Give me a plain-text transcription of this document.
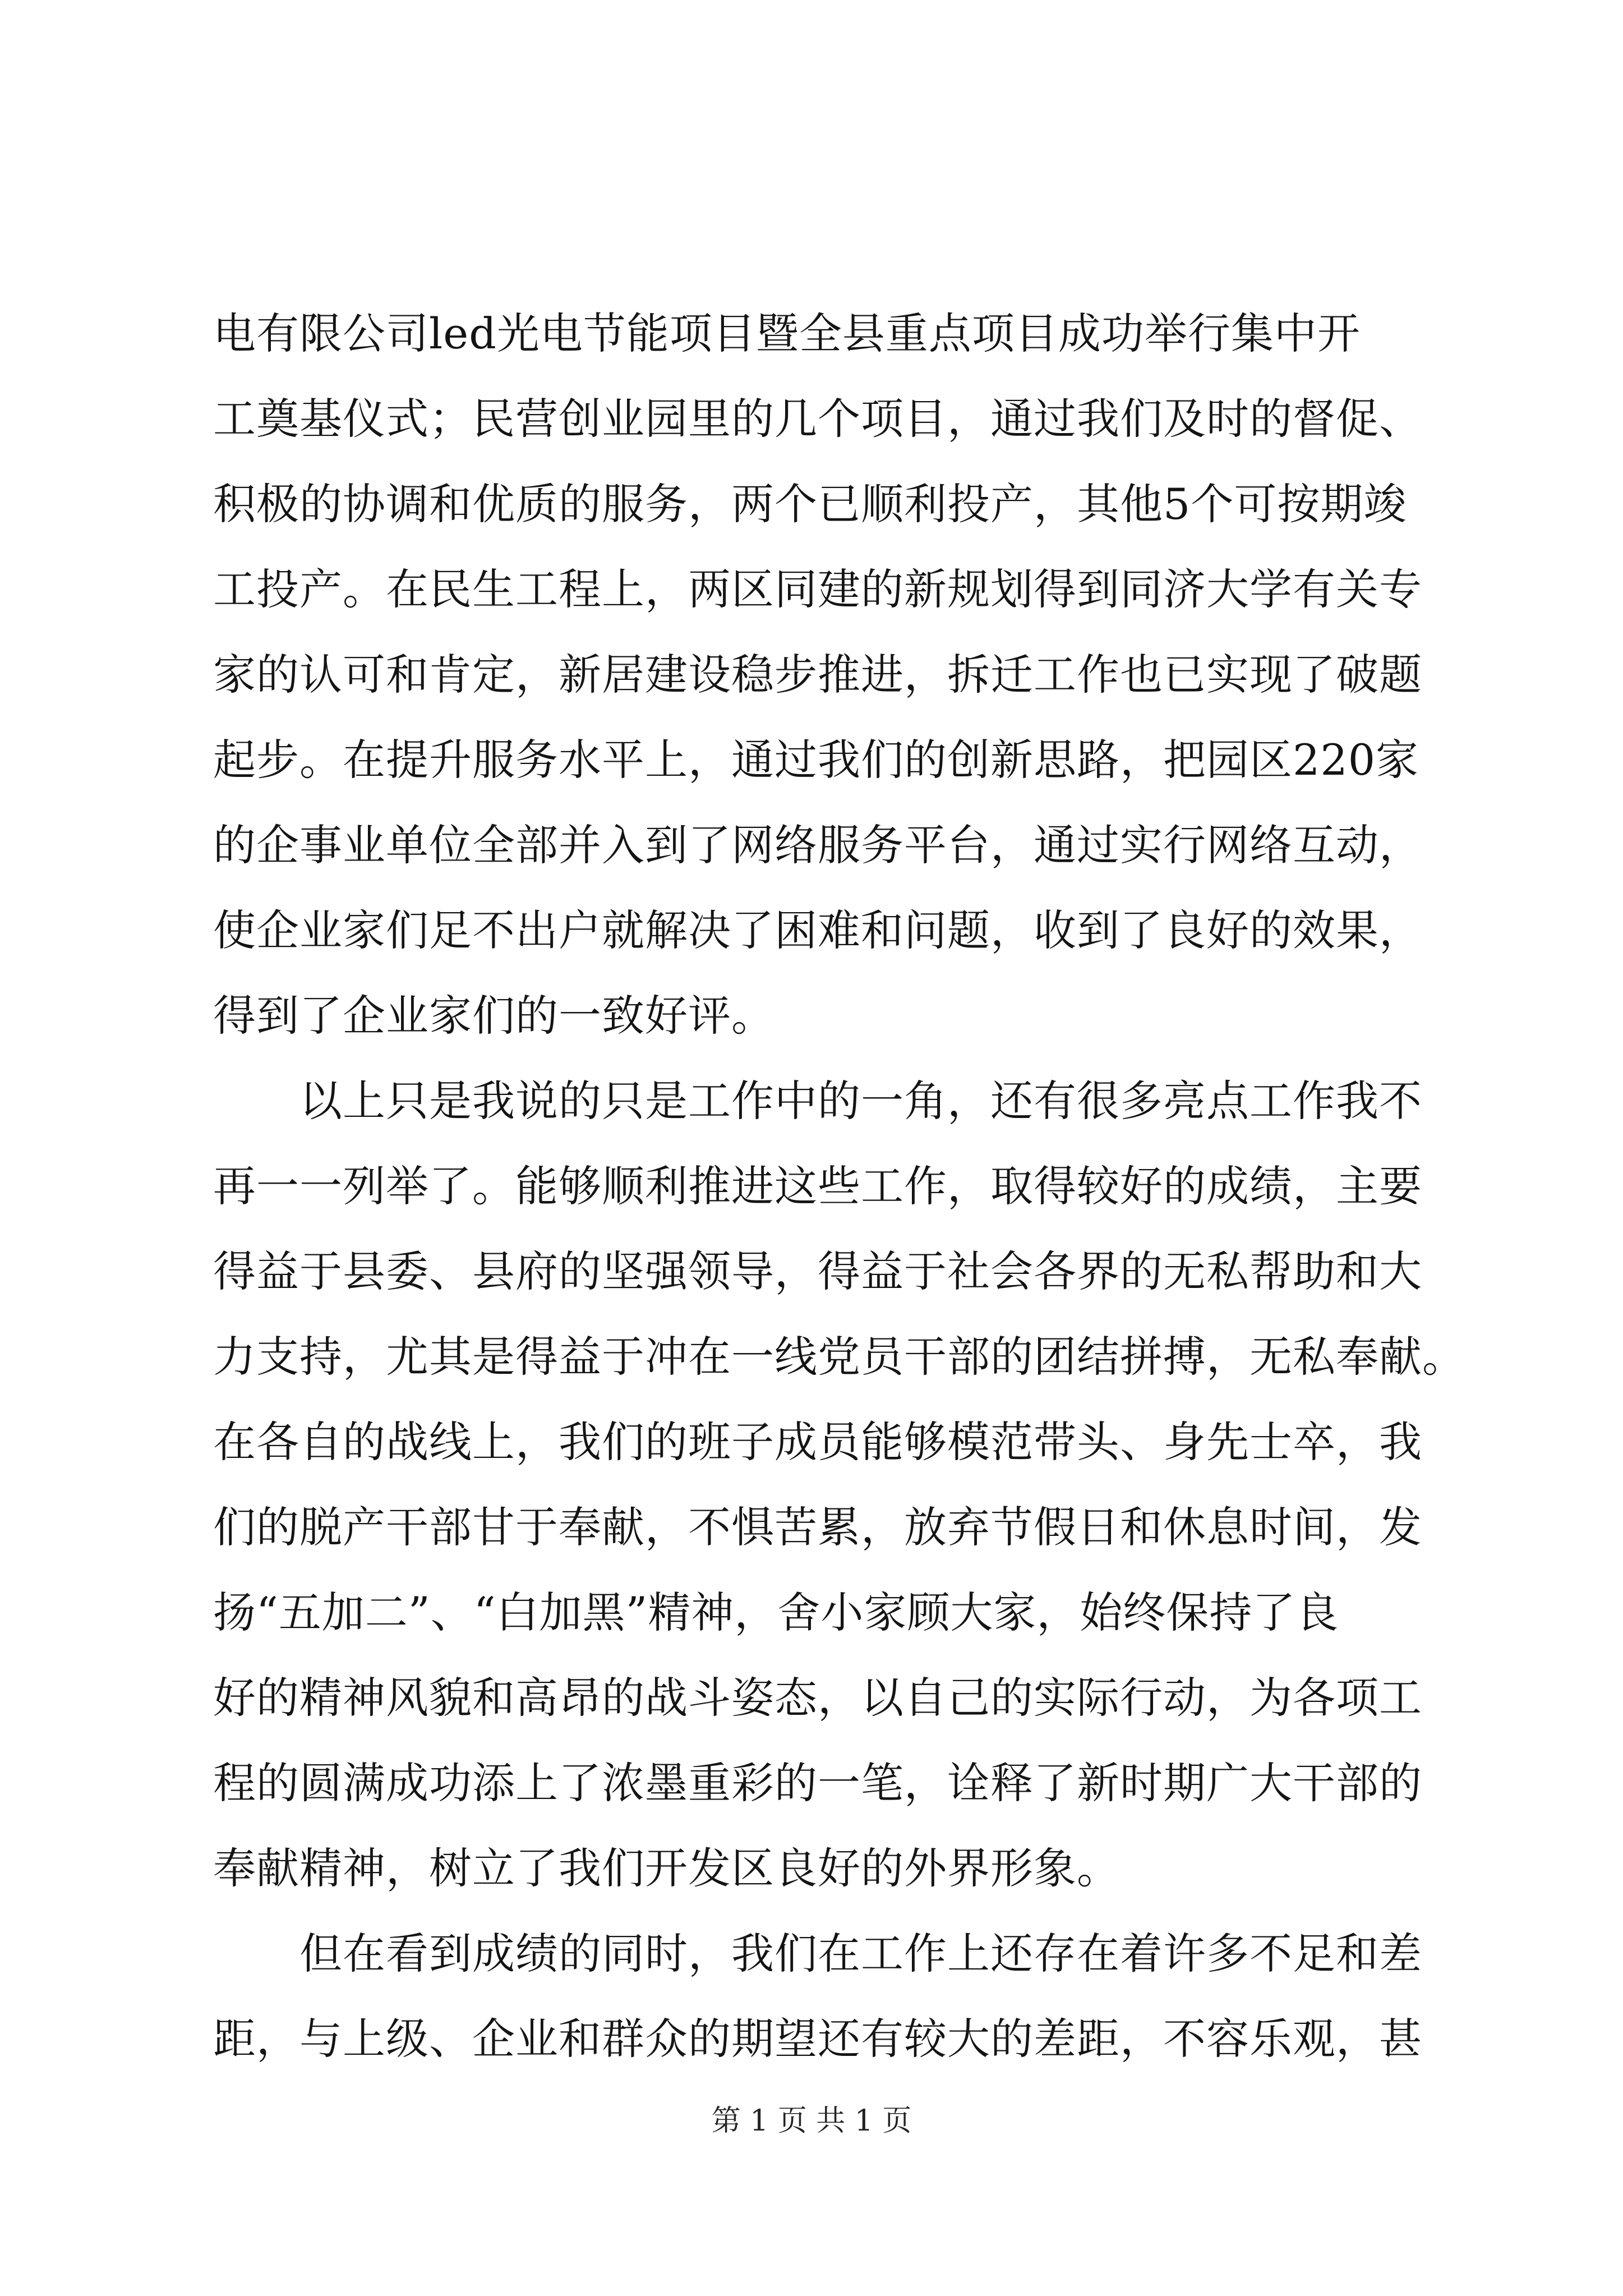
电有限公司led光电节能项目暨全县重点项目成功举行集中开
工奠基仪式；民营创业园里的几个项目，通过我们及时的督促、
积极的协调和优质的服务，两个已顺利投产，其他5个可按期竣
工投产。在民生工程上，两区同建的新规划得到同济大学有关专
家的认可和肯定，新居建设稳步推进，拆迁工作也已实现了破题
起步。在提升服务水平上，通过我们的创新思路，把园区220家
的企事业单位全部并入到了网络服务平台，通过实行网络互动，
使企业家们足不出户就解决了困难和问题，收到了良好的效果，
得到了企业家们的一致好评。
　　以上只是我说的只是工作中的一角，还有很多亮点工作我不
再一一列举了。能够顺利推进这些工作，取得较好的成绩，主要
得益于县委、县府的坚强领导，得益于社会各界的无私帮助和大
力支持，尤其是得益于冲在一线党员干部的团结拼搏，无私奉献。
在各自的战线上，我们的班子成员能够模范带头、身先士卒，我
们的脱产干部甘于奉献，不惧苦累，放弃节假日和休息时间，发
扬“五加二”、“白加黑”精神，舍小家顾大家，始终保持了良
好的精神风貌和高昂的战斗姿态，以自己的实际行动，为各项工
程的圆满成功添上了浓墨重彩的一笔，诠释了新时期广大干部的
奉献精神，树立了我们开发区良好的外界形象。
　　但在看到成绩的同时，我们在工作上还存在着许多不足和差
距，与上级、企业和群众的期望还有较大的差距，不容乐观，甚
第 1 页 共 1 页
